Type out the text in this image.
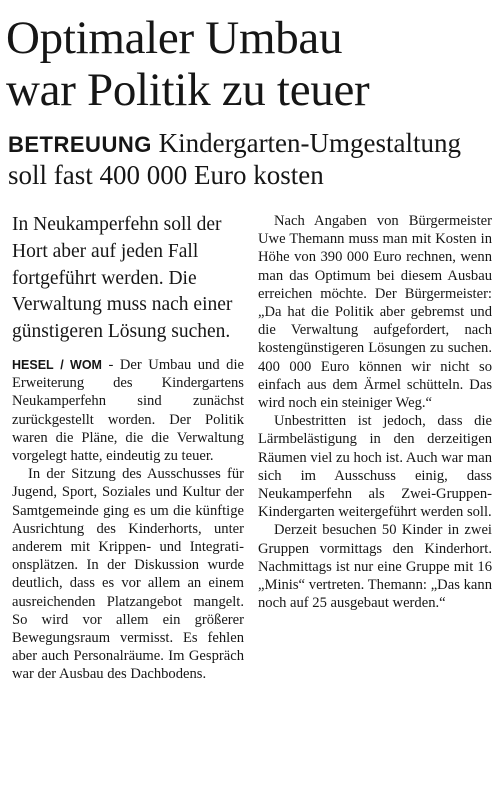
Optimaler Umbau
war Politik zu teuer
BETREUUNG Kindergarten-Umgestaltung soll fast 400 000 Euro kosten

In Neukamperfehn soll der Hort aber auf jeden Fall fortgeführt werden. Die Verwaltung muss nach einer günstigeren Lösung suchen.

HESEL / WOM - Der Umbau und die Erweiterung des Kindergartens Neukamperfehn sind zunächst zurückgestellt worden. Der Politik waren die Pläne, die die Verwaltung vorgelegt hatte, eindeutig zu teuer.

In der Sitzung des Ausschusses für Jugend, Sport, Soziales und Kultur der Samtgemeinde ging es um die künftige Ausrichtung des Kinderhorts, unter anderem mit Krippen- und Integrationsplätzen. In der Diskussion wurde deutlich, dass es vor allem an einem ausreichenden Platzangebot mangelt. So wird vor allem ein größerer Bewegungsraum vermisst. Es fehlen aber auch Personalräume. Im Gespräch war der Ausbau des Dachbodens.

Nach Angaben von Bürgermeister Uwe Themann muss man mit Kosten in Höhe von 390 000 Euro rechnen, wenn man das Optimum bei diesem Ausbau erreichen möchte. Der Bürgermeister: „Da hat die Politik aber gebremst und die Verwaltung aufgefordert, nach kostengünstigeren Lösungen zu suchen. 400 000 Euro können wir nicht so einfach aus dem Ärmel schütteln. Das wird noch ein steiniger Weg.“

Unbestritten ist jedoch, dass die Lärmbelästigung in den derzeitigen Räumen viel zu hoch ist. Auch war man sich im Ausschuss einig, dass Neukamperfehn als Zwei-Gruppen-Kindergarten weitergeführt werden soll.

Derzeit besuchen 50 Kinder in zwei Gruppen vormittags den Kinderhort. Nachmittags ist nur eine Gruppe mit 16 „Minis“ vertreten. Themann: „Das kann noch auf 25 ausgebaut werden.“
